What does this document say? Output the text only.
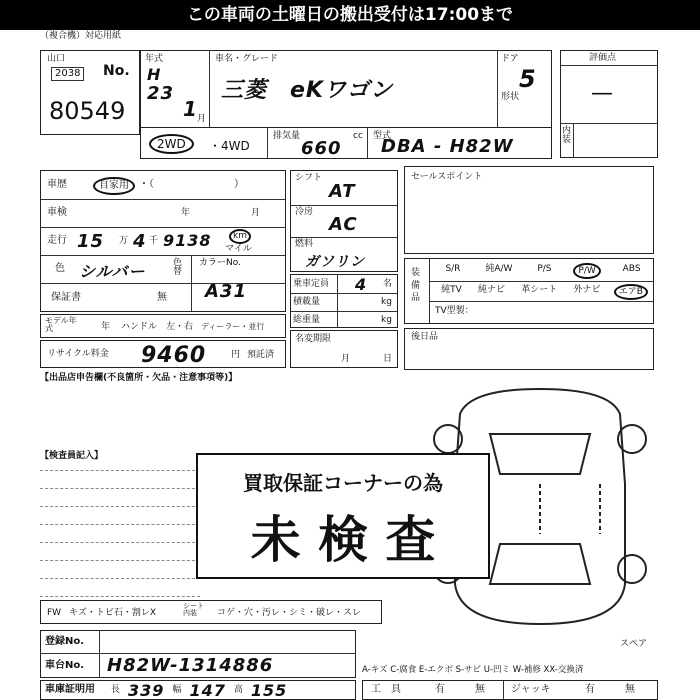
この車両の土曜日の搬出受付は17:00まで
（複合機）対応用紙
山口
2038 No.
80549
年式
H
23
1 月
車名・グレード
三菱　eKワゴン
ドア
5
形状
2WD	・4WD
排気量
660
cc 型式
DBA - H82W
評価点
—
内装
車歴	自家用	・（　　　　　　　　）
車検	年	月
走行 15 万 4 千 9138	km
マイル
色 シルバー	色替
カラーNo.
保証書	無 A31
モデル年式	年 ハンドル　左・右 ディーラー・並行
リサイクル料金 9460	円 預託済
シフト
AT
冷房
AC
燃料
ガソリン
乗車定員 4 名
積載量	kg
総重量	kg
名変期限
月	日
セールスポイント
装備品
S/R	純A/W	P/S	P/W	ABS
純TV	純ナビ	革シート	外ナビ	エアB
TV型製：
後日品
【出品店申告欄(不良箇所・欠品・注意事項等)】
【検査員記入】
スペア
買取保証コーナーの為
未 検 査
FW キズ・トビ石・割レX
シート内装	コゲ・穴・汚レ・シミ・破レ・スレ
登録No.
車台No. H82W-1314886
車庫証明用 長 339 幅 147 高 155
A-キズ C-腐食 E-エクボ S-サビ U-凹ミ W-補修 XX-交換済
工　具	有	無	ジャッキ	有	無
